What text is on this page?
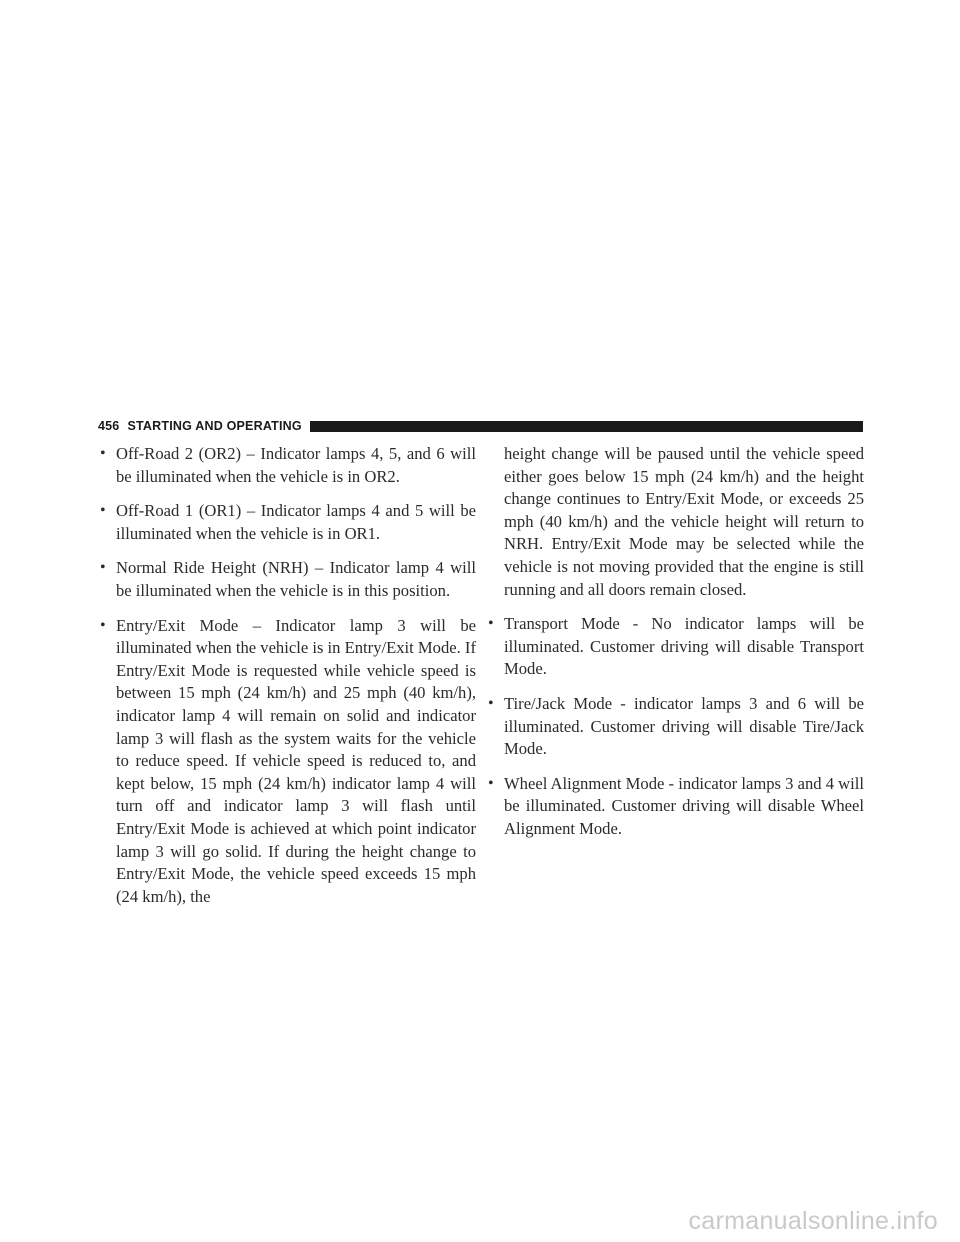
456 STARTING AND OPERATING
• Off-Road 2 (OR2) – Indicator lamps 4, 5, and 6 will be illuminated when the vehicle is in OR2.
• Off-Road 1 (OR1) – Indicator lamps 4 and 5 will be illuminated when the vehicle is in OR1.
• Normal Ride Height (NRH) – Indicator lamp 4 will be illuminated when the vehicle is in this position.
• Entry/Exit Mode – Indicator lamp 3 will be illuminated when the vehicle is in Entry/Exit Mode. If Entry/Exit Mode is requested while vehicle speed is between 15 mph (24 km/h) and 25 mph (40 km/h), indicator lamp 4 will remain on solid and indicator lamp 3 will flash as the system waits for the vehicle to reduce speed. If vehicle speed is reduced to, and kept below, 15 mph (24 km/h) indicator lamp 4 will turn off and indicator lamp 3 will flash until Entry/Exit Mode is achieved at which point indicator lamp 3 will go solid. If during the height change to Entry/Exit Mode, the vehicle speed exceeds 15 mph (24 km/h), the
height change will be paused until the vehicle speed either goes below 15 mph (24 km/h) and the height change continues to Entry/Exit Mode, or exceeds 25 mph (40 km/h) and the vehicle height will return to NRH. Entry/Exit Mode may be selected while the vehicle is not moving provided that the engine is still running and all doors remain closed.
• Transport Mode - No indicator lamps will be illuminated. Customer driving will disable Transport Mode.
• Tire/Jack Mode - indicator lamps 3 and 6 will be illuminated. Customer driving will disable Tire/Jack Mode.
• Wheel Alignment Mode - indicator lamps 3 and 4 will be illuminated. Customer driving will disable Wheel Alignment Mode.
carmanualsonline.info
